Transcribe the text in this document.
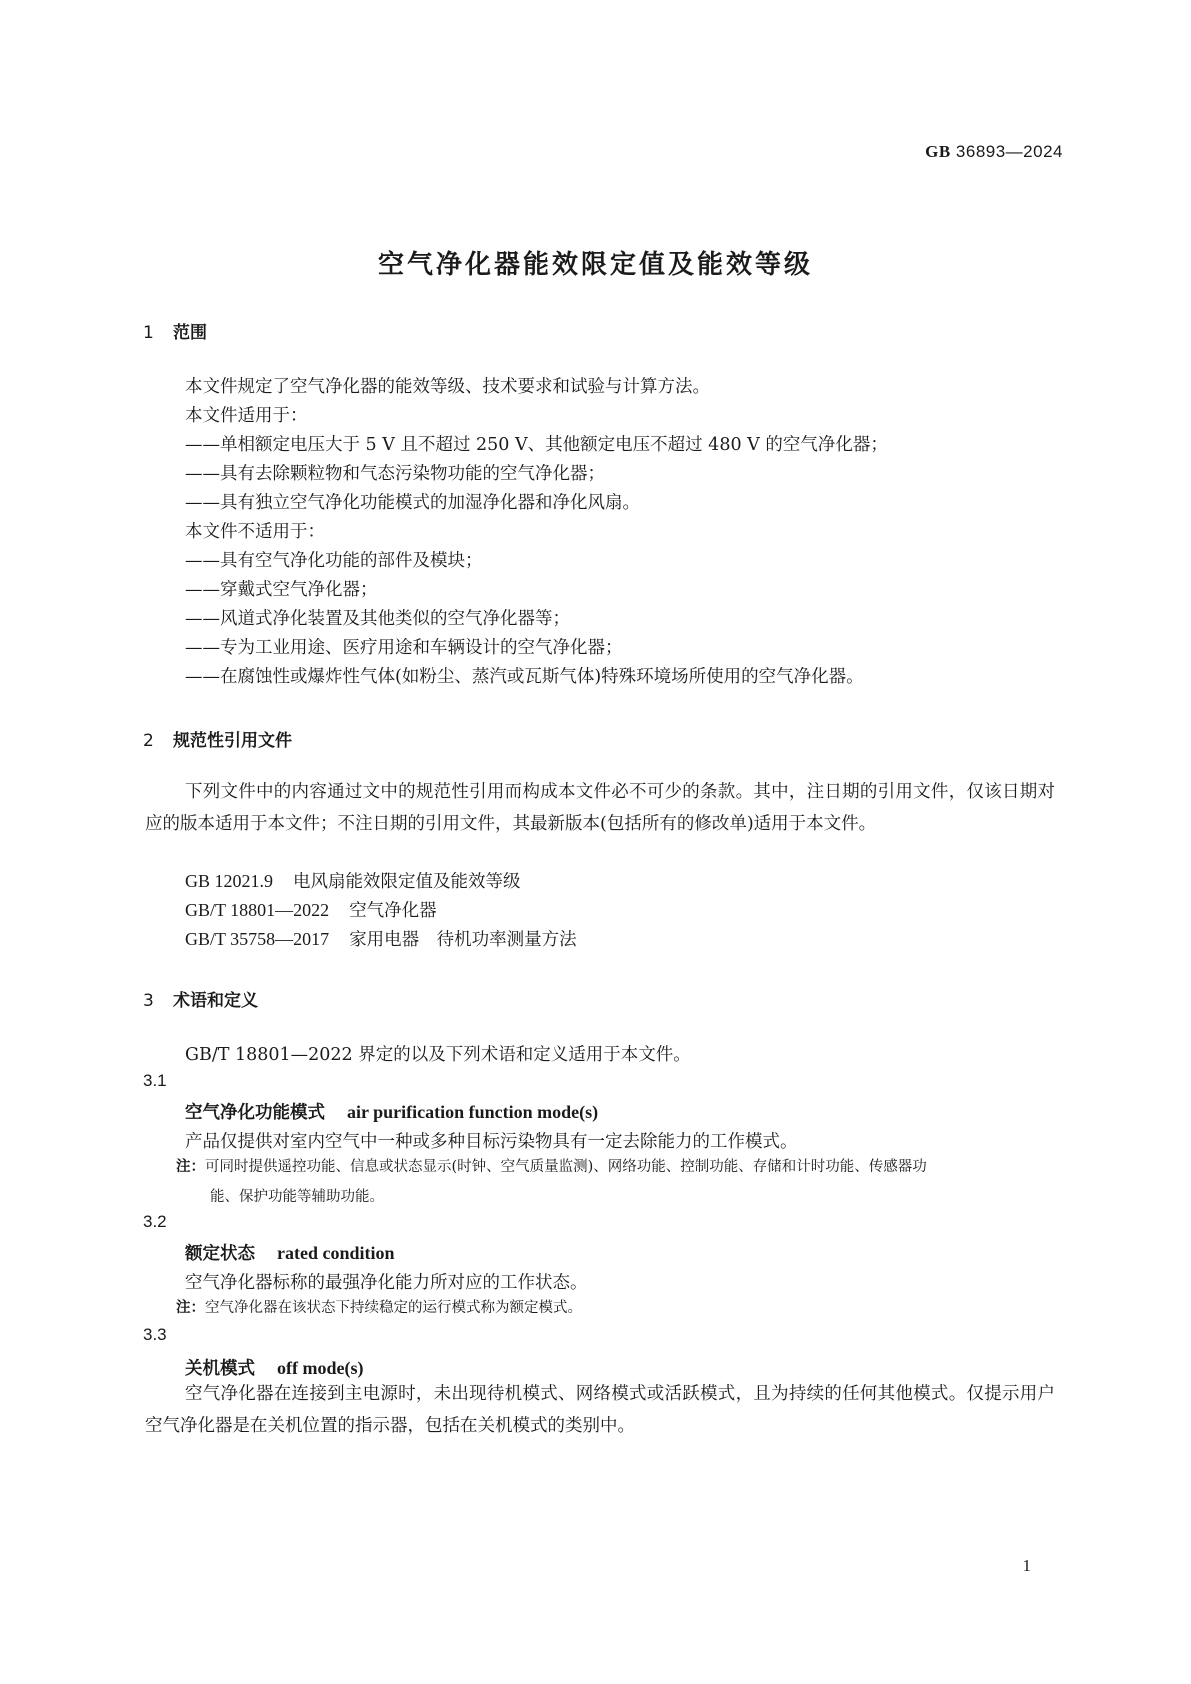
GB 36893—2024
空气净化器能效限定值及能效等级
1 范围
本文件规定了空气净化器的能效等级、技术要求和试验与计算方法。
本文件适用于：
——单相额定电压大于 5 V 且不超过 250 V、其他额定电压不超过 480 V 的空气净化器；
——具有去除颗粒物和气态污染物功能的空气净化器；
——具有独立空气净化功能模式的加湿净化器和净化风扇。
本文件不适用于：
——具有空气净化功能的部件及模块；
——穿戴式空气净化器；
——风道式净化装置及其他类似的空气净化器等；
——专为工业用途、医疗用途和车辆设计的空气净化器；
——在腐蚀性或爆炸性气体(如粉尘、蒸汽或瓦斯气体)特殊环境场所使用的空气净化器。
2 规范性引用文件
下列文件中的内容通过文中的规范性引用而构成本文件必不可少的条款。其中，注日期的引用文件，仅该日期对应的版本适用于本文件；不注日期的引用文件，其最新版本(包括所有的修改单)适用于本文件。
GB 12021.9 电风扇能效限定值及能效等级
GB/T 18801—2022 空气净化器
GB/T 35758—2017 家用电器　待机功率测量方法
3 术语和定义
GB/T 18801—2022 界定的以及下列术语和定义适用于本文件。
3.1
空气净化功能模式 air purification function mode(s)
产品仅提供对室内空气中一种或多种目标污染物具有一定去除能力的工作模式。
注：可同时提供遥控功能、信息或状态显示(时钟、空气质量监测)、网络功能、控制功能、存储和计时功能、传感器功
能、保护功能等辅助功能。
3.2
额定状态 rated condition
空气净化器标称的最强净化能力所对应的工作状态。
注：空气净化器在该状态下持续稳定的运行模式称为额定模式。
3.3
关机模式 off mode(s)
空气净化器在连接到主电源时，未出现待机模式、网络模式或活跃模式，且为持续的任何其他模式。仅提示用户空气净化器是在关机位置的指示器，包括在关机模式的类别中。
1
